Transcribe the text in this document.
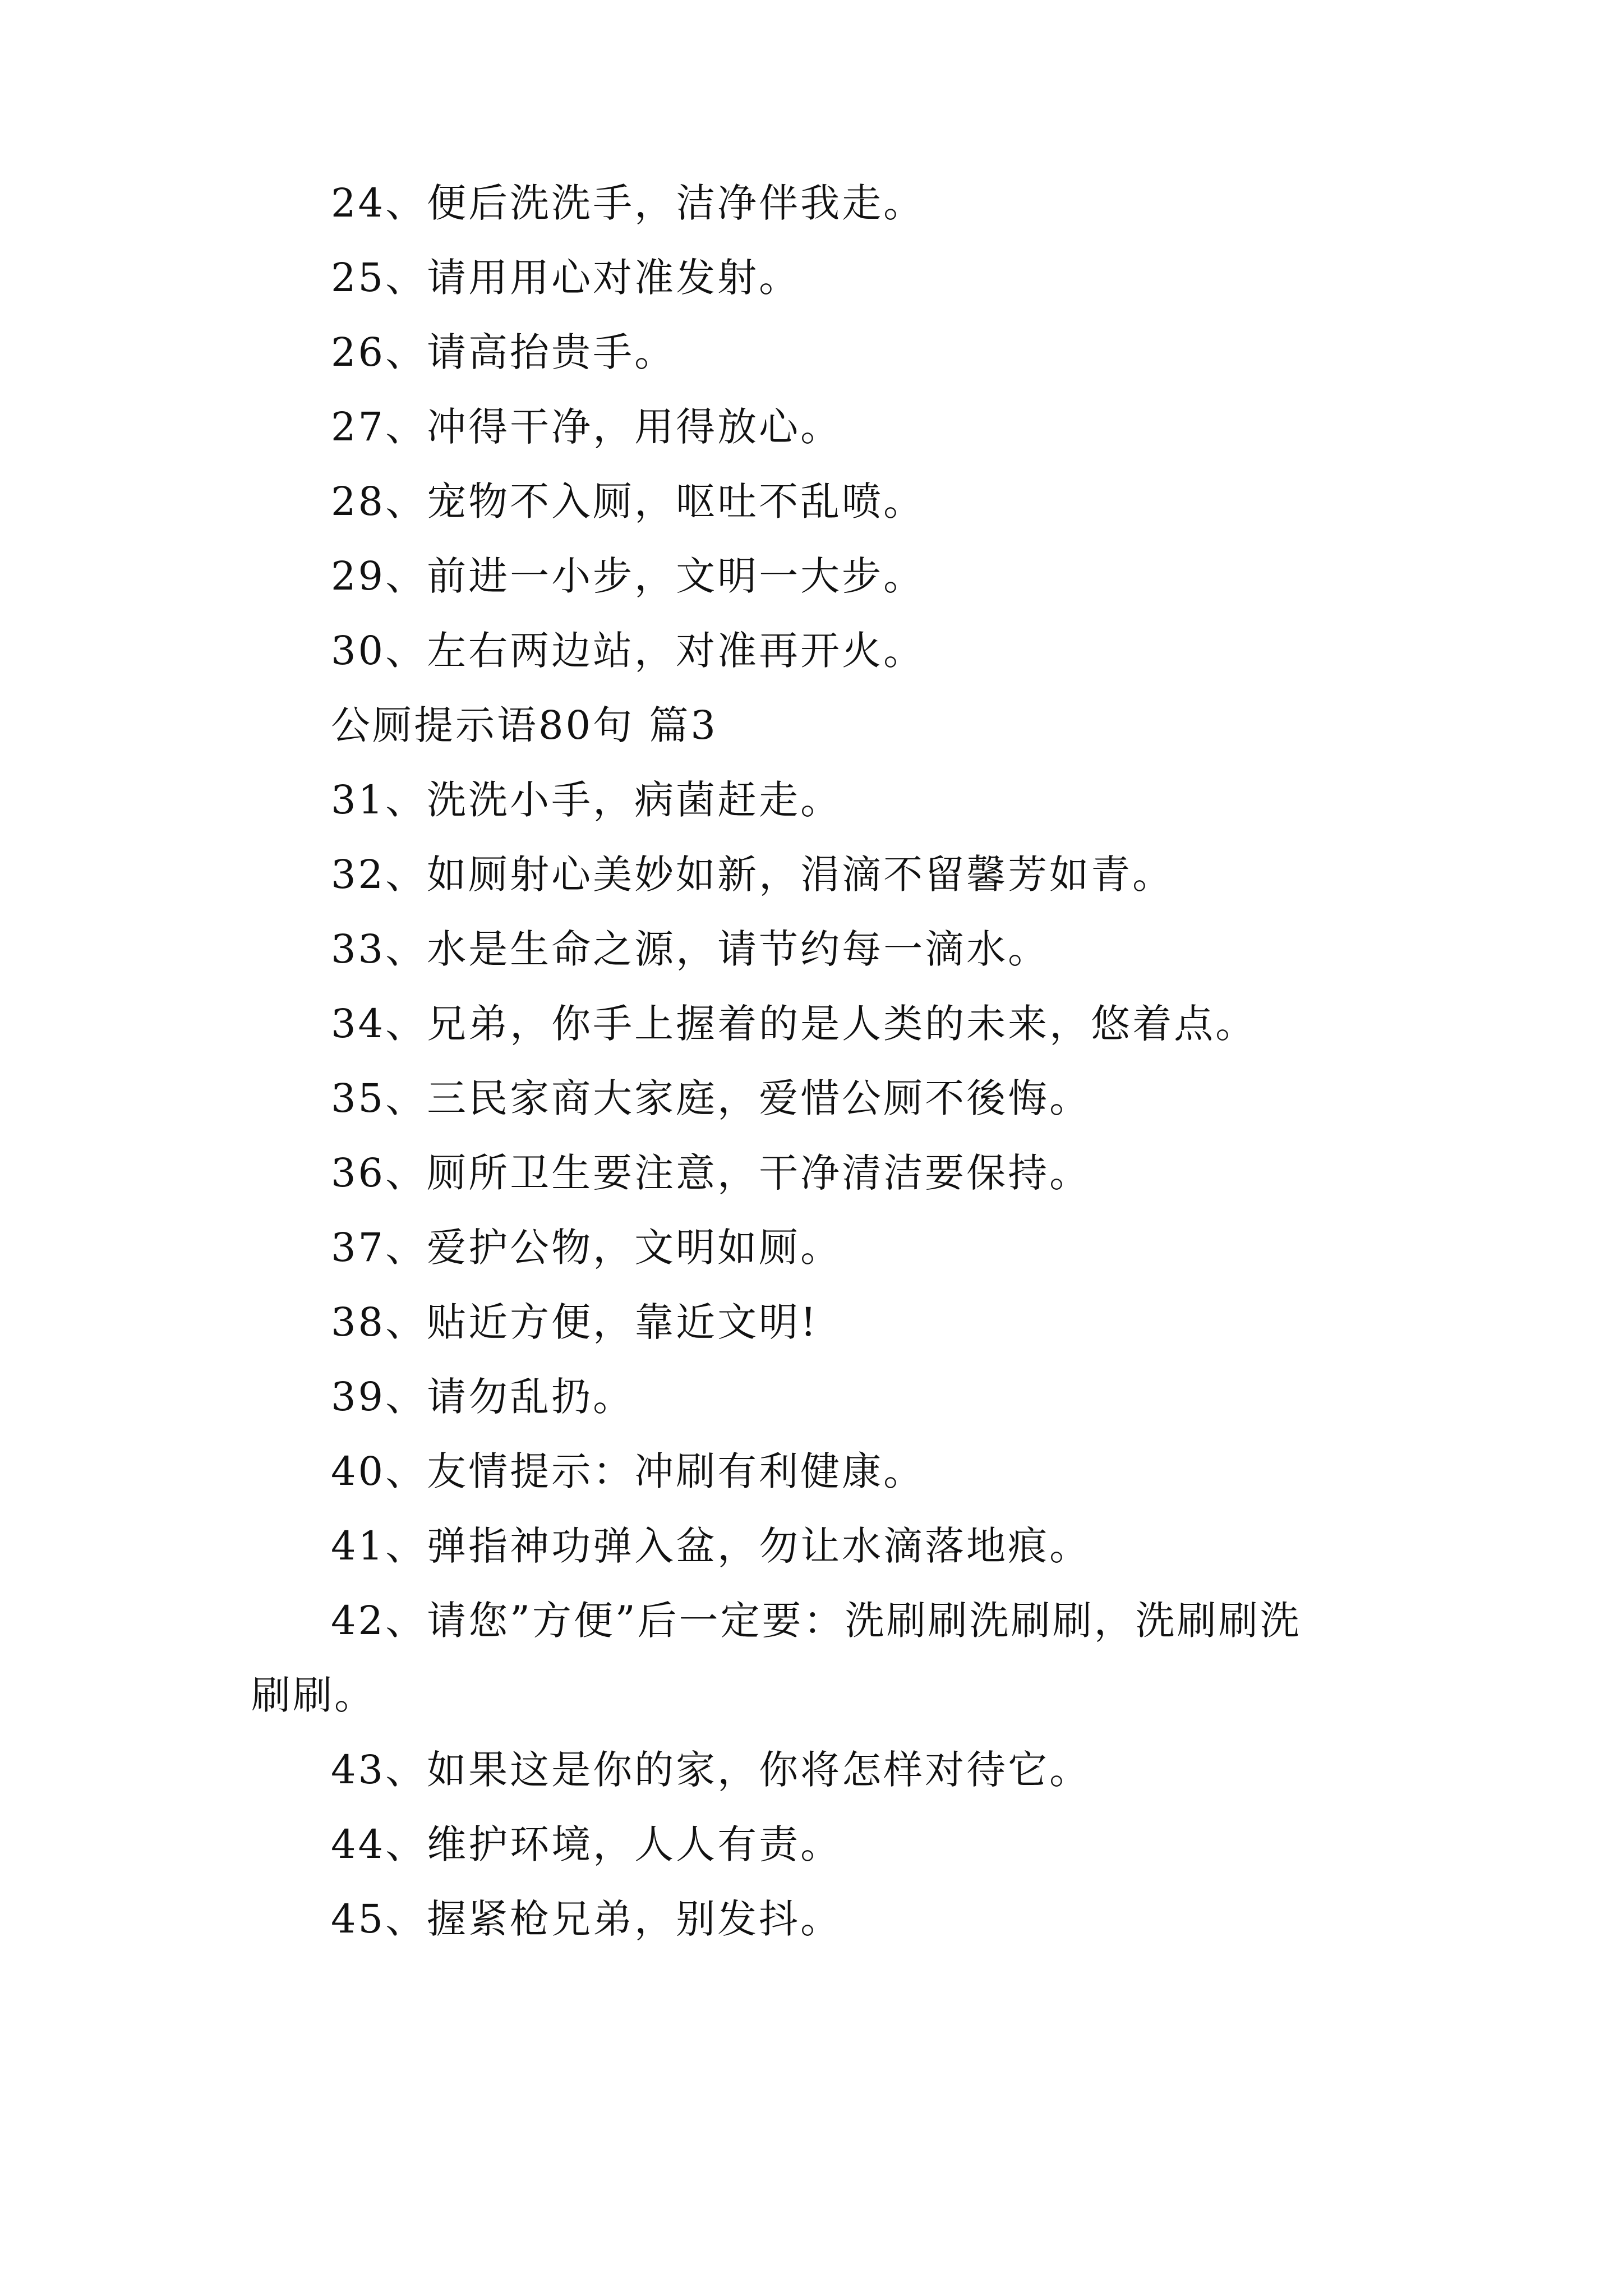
24、便后洗洗手，洁净伴我走。
25、请用用心对准发射。
26、请高抬贵手。
27、冲得干净，用得放心。
28、宠物不入厕，呕吐不乱喷。
29、前进一小步，文明一大步。
30、左右两边站，对准再开火。
公厕提示语80句 篇3
31、洗洗小手，病菌赶走。
32、如厕射心美妙如新，涓滴不留馨芳如青。
33、水是生命之源，请节约每一滴水。
34、兄弟，你手上握着的是人类的未来，悠着点。
35、三民家商大家庭，爱惜公厕不後悔。
36、厕所卫生要注意，干净清洁要保持。
37、爱护公物，文明如厕。
38、贴近方便，靠近文明!
39、请勿乱扔。
40、友情提示：冲刷有利健康。
41、弹指神功弹入盆，勿让水滴落地痕。
42、请您”方便”后一定要：洗刷刷洗刷刷，洗刷刷洗
刷刷。
43、如果这是你的家，你将怎样对待它。
44、维护环境，人人有责。
45、握紧枪兄弟，别发抖。
